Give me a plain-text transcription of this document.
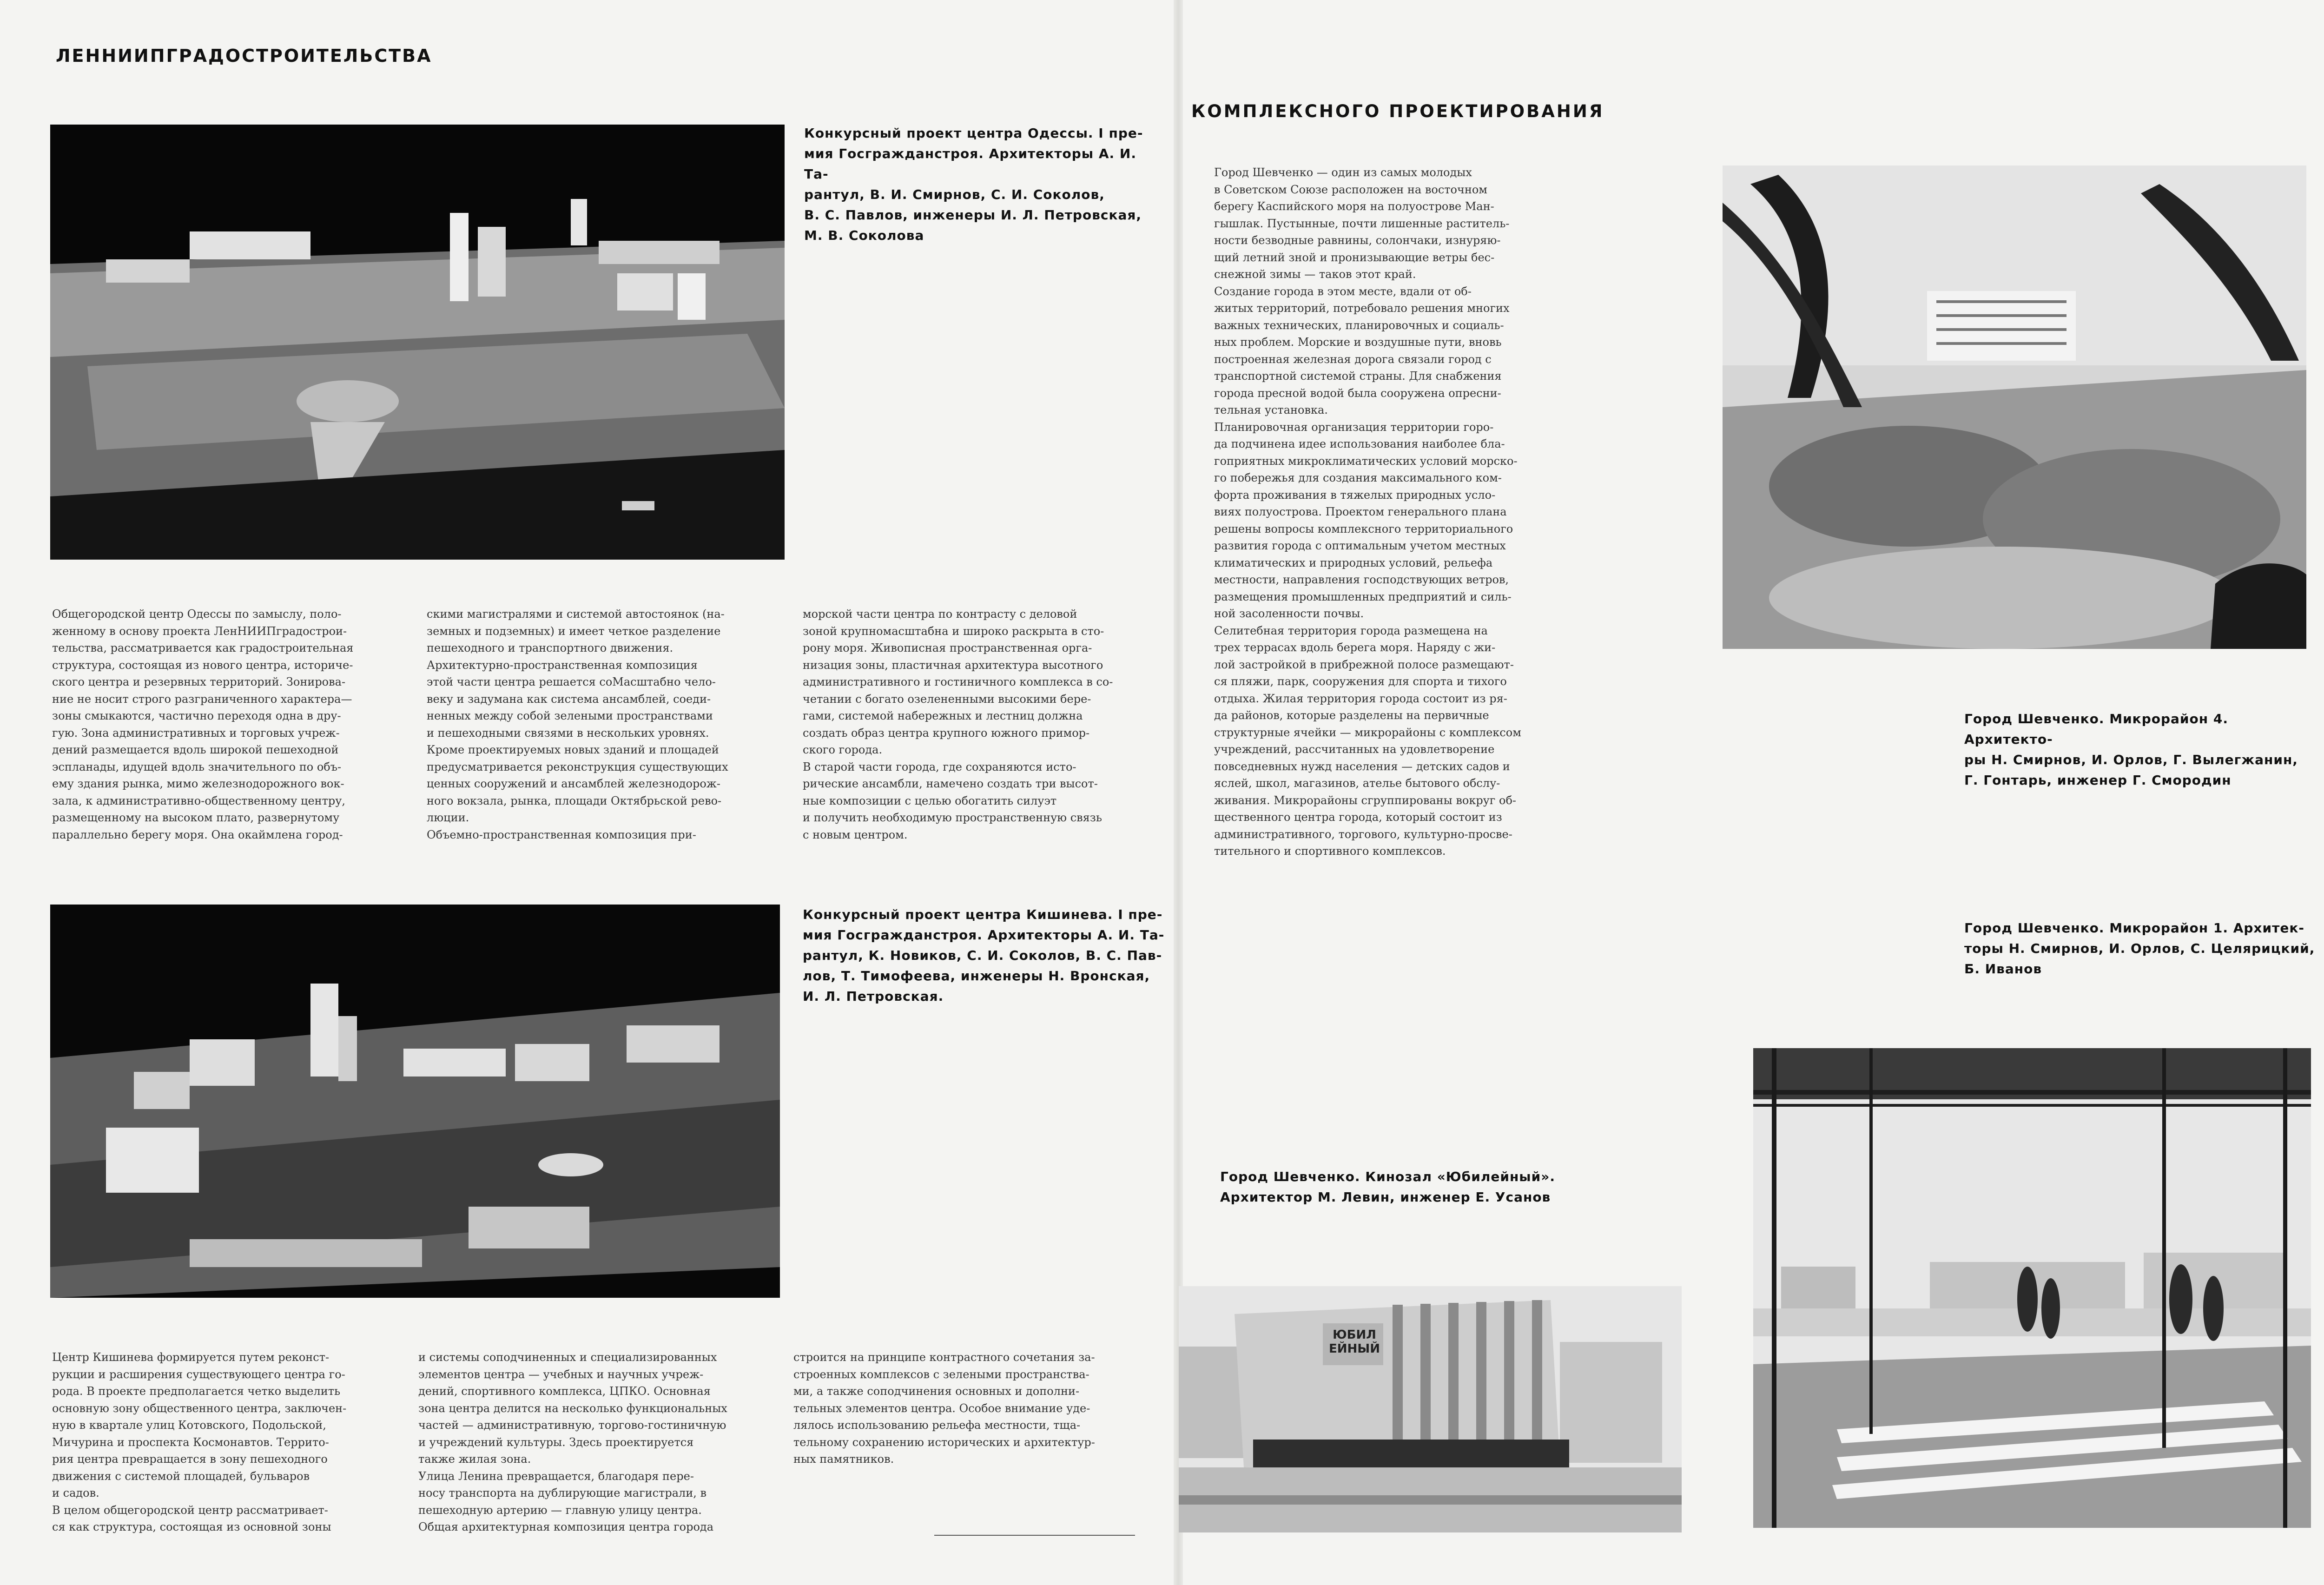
ЛЕННИИПГРАДОСТРОИТЕЛЬСТВА
Конкурсный проект центра Одессы. I пре-
мия Госгражданстроя. Архитекторы А. И. Та-
рантул, В. И. Смирнов, С. И. Соколов,
В. С. Павлов, инженеры И. Л. Петровская,
М. В. Соколова
Общегородской центр Одессы по замыслу, поло-
женному в основу проекта ЛенНИИПградострои-
тельства, рассматривается как градостроительная
структура, состоящая из нового центра, историче-
ского центра и резервных территорий. Зонирова-
ние не носит строго разграниченного характера—
зоны смыкаются, частично переходя одна в дру-
гую. Зона административных и торговых учреж-
дений размещается вдоль широкой пешеходной
эспланады, идущей вдоль значительного по объ-
ему здания рынка, мимо железнодорожного вок-
зала, к административно-общественному центру,
размещенному на высоком плато, развернутому
параллельно берегу моря. Она окаймлена город-
скими магистралями и системой автостоянок (на-
земных и подземных) и имеет четкое разделение
пешеходного и транспортного движения.
Архитектурно-пространственная композиция
этой части центра решается соМасштабно чело-
веку и задумана как система ансамблей, соеди-
ненных между собой зелеными пространствами
и пешеходными связями в нескольких уровнях.
Кроме проектируемых новых зданий и площадей
предусматривается реконструкция существующих
ценных сооружений и ансамблей железнодорож-
ного вокзала, рынка, площади Октябрьской рево-
люции.
Объемно-пространственная композиция при-
морской части центра по контрасту с деловой
зоной крупномасштабна и широко раскрыта в сто-
рону моря. Живописная пространственная орга-
низация зоны, пластичная архитектура высотного
административного и гостиничного комплекса в со-
четании с богато озелененными высокими бере-
гами, системой набережных и лестниц должна
создать образ центра крупного южного примор-
ского города.
В старой части города, где сохраняются исто-
рические ансамбли, намечено создать три высот-
ные композиции с целью обогатить силуэт
и получить необходимую пространственную связь
с новым центром.
Конкурсный проект центра Кишинева. I пре-
мия Госгражданстроя. Архитекторы А. И. Та-
рантул, К. Новиков, С. И. Соколов, В. С. Пав-
лов, Т. Тимофеева, инженеры Н. Вронская,
И. Л. Петровская.
Центр Кишинева формируется путем реконст-
рукции и расширения существующего центра го-
рода. В проекте предполагается четко выделить
основную зону общественного центра, заключен-
ную в квартале улиц Котовского, Подольской,
Мичурина и проспекта Космонавтов. Террито-
рия центра превращается в зону пешеходного
движения с системой площадей, бульваров
и садов.
В целом общегородской центр рассматривает-
ся как структура, состоящая из основной зоны
и системы соподчиненных и специализированных
элементов центра — учебных и научных учреж-
дений, спортивного комплекса, ЦПКО. Основная
зона центра делится на несколько функциональных
частей — административную, торгово-гостиничную
и учреждений культуры. Здесь проектируется
также жилая зона.
Улица Ленина превращается, благодаря пере-
носу транспорта на дублирующие магистрали, в
пешеходную артерию — главную улицу центра.
Общая архитектурная композиция центра города
строится на принципе контрастного сочетания за-
строенных комплексов с зелеными пространства-
ми, а также соподчинения основных и дополни-
тельных элементов центра. Особое внимание уде-
лялось использованию рельефа местности, тща-
тельному сохранению исторических и архитектур-
ных памятников.
КОМПЛЕКСНОГО ПРОЕКТИРОВАНИЯ
Город Шевченко — один из самых молодых
в Советском Союзе расположен на восточном
берегу Каспийского моря на полуострове Ман-
гышлак. Пустынные, почти лишенные раститель-
ности безводные равнины, солончаки, изнуряю-
щий летний зной и пронизывающие ветры бес-
снежной зимы — таков этот край.
Создание города в этом месте, вдали от об-
житых территорий, потребовало решения многих
важных технических, планировочных и социаль-
ных проблем. Морские и воздушные пути, вновь
построенная железная дорога связали город с
транспортной системой страны. Для снабжения
города пресной водой была сооружена опресни-
тельная установка.
Планировочная организация территории горо-
да подчинена идее использования наиболее бла-
гоприятных микроклиматических условий морско-
го побережья для создания максимального ком-
форта проживания в тяжелых природных усло-
виях полуострова. Проектом генерального плана
решены вопросы комплексного территориального
развития города с оптимальным учетом местных
климатических и природных условий, рельефа
местности, направления господствующих ветров,
размещения промышленных предприятий и силь-
ной засоленности почвы.
Селитебная территория города размещена на
трех террасах вдоль берега моря. Наряду с жи-
лой застройкой в прибрежной полосе размещают-
ся пляжи, парк, сооружения для спорта и тихого
отдыха. Жилая территория города состоит из ря-
да районов, которые разделены на первичные
структурные ячейки — микрорайоны с комплексом
учреждений, рассчитанных на удовлетворение
повседневных нужд населения — детских садов и
яслей, школ, магазинов, ателье бытового обслу-
живания. Микрорайоны сгруппированы вокруг об-
щественного центра города, который состоит из
административного, торгового, культурно-просве-
тительного и спортивного комплексов.
Город Шевченко. Микрорайон 4. Архитекто-
ры Н. Смирнов, И. Орлов, Г. Вылегжанин,
Г. Гонтарь, инженер Г. Смородин
Город Шевченко. Микрорайон 1. Архитек-
торы Н. Смирнов, И. Орлов, С. Целярицкий,
Б. Иванов
Город Шевченко. Кинозал «Юбилейный».
Архитектор М. Левин, инженер Е. Усанов
ЮБИЛ ЕЙНЫЙ
